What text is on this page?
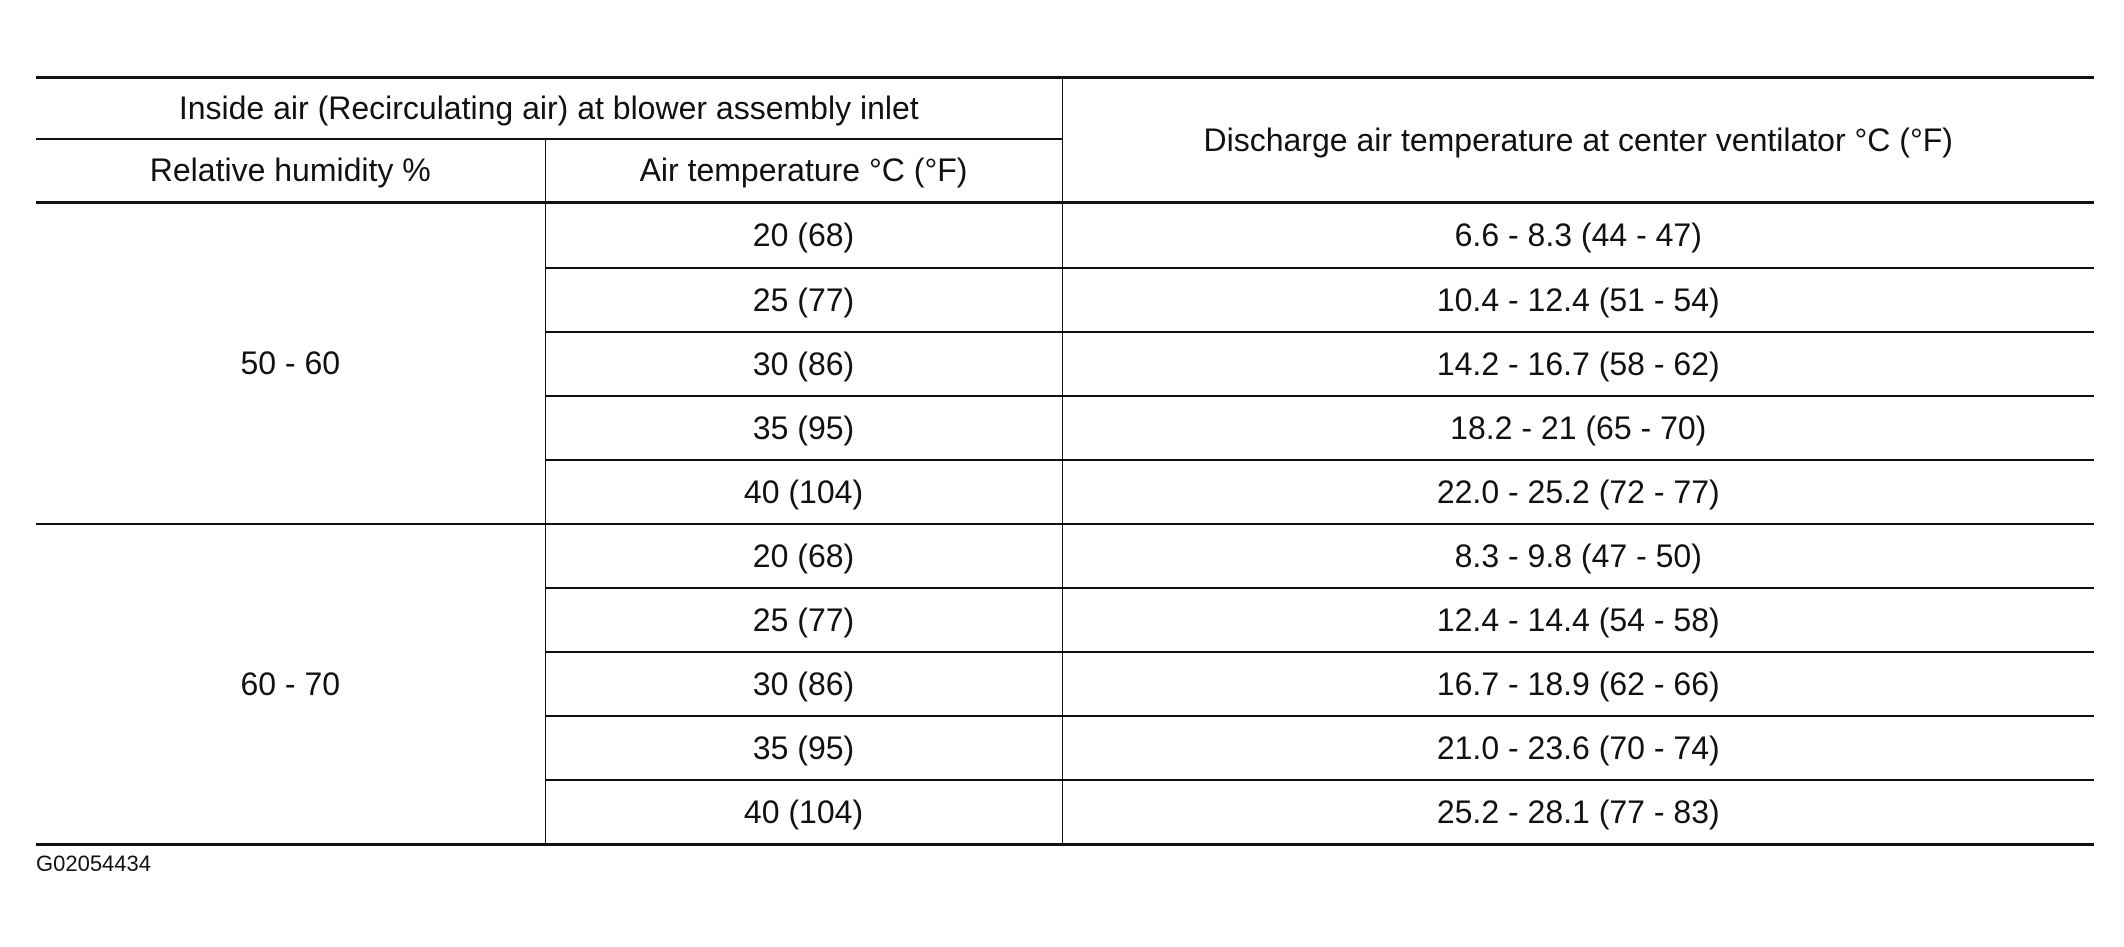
Inside air (Recirculating air) at blower assembly inlet		Discharge air temperature at center ventilator °C (°F)
Relative humidity %	Air temperature °C (°F)	
50 - 60	20 (68)	6.6 - 8.3 (44 - 47)
	25 (77)	10.4 - 12.4 (51 - 54)
	30 (86)	14.2 - 16.7 (58 - 62)
	35 (95)	18.2 - 21 (65 - 70)
	40 (104)	22.0 - 25.2 (72 - 77)
60 - 70	20 (68)	8.3 - 9.8 (47 - 50)
	25 (77)	12.4 - 14.4 (54 - 58)
	30 (86)	16.7 - 18.9 (62 - 66)
	35 (95)	21.0 - 23.6 (70 - 74)
	40 (104)	25.2 - 28.1 (77 - 83)
G02054434
